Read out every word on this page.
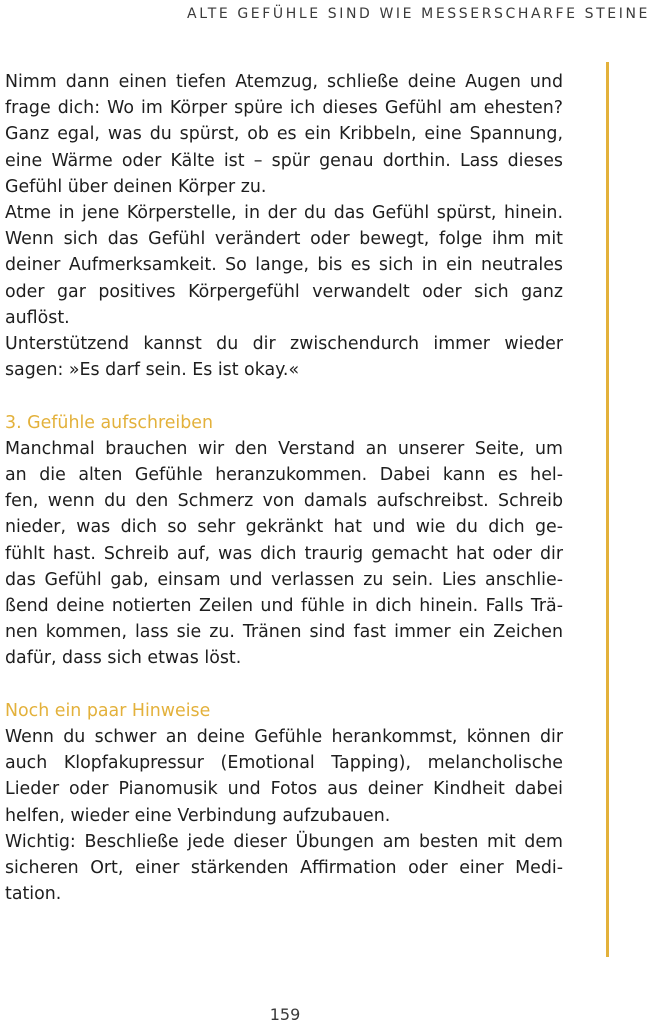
ALTE GEFÜHLE SIND WIE MESSERSCHARFE STEINE
Nimm dann einen tiefen Atemzug, schließe deine Augen und
frage dich: Wo im Körper spüre ich dieses Gefühl am ehesten?
Ganz egal, was du spürst, ob es ein Kribbeln, eine Spannung,
eine Wärme oder Kälte ist – spür genau dorthin. Lass dieses
Gefühl über deinen Körper zu.
Atme in jene Körperstelle, in der du das Gefühl spürst, hinein.
Wenn sich das Gefühl verändert oder bewegt, folge ihm mit
deiner Aufmerksamkeit. So lange, bis es sich in ein neutrales
oder gar positives Körpergefühl verwandelt oder sich ganz
auflöst.
Unterstützend kannst du dir zwischendurch immer wieder
sagen: »Es darf sein. Es ist okay.«
3. Gefühle aufschreiben
Manchmal brauchen wir den Verstand an unserer Seite, um
an die alten Gefühle heranzukommen. Dabei kann es hel-
fen, wenn du den Schmerz von damals aufschreibst. Schreib
nieder, was dich so sehr gekränkt hat und wie du dich ge-
fühlt hast. Schreib auf, was dich traurig gemacht hat oder dir
das Gefühl gab, einsam und verlassen zu sein. Lies anschlie-
ßend deine notierten Zeilen und fühle in dich hinein. Falls Trä-
nen kommen, lass sie zu. Tränen sind fast immer ein Zeichen
dafür, dass sich etwas löst.
Noch ein paar Hinweise
Wenn du schwer an deine Gefühle herankommst, können dir
auch Klopfakupressur (Emotional Tapping), melancholische
Lieder oder Pianomusik und Fotos aus deiner Kindheit dabei
helfen, wieder eine Verbindung aufzubauen.
Wichtig: Beschließe jede dieser Übungen am besten mit dem
sicheren Ort, einer stärkenden Affirmation oder einer Medi-
tation.
159
